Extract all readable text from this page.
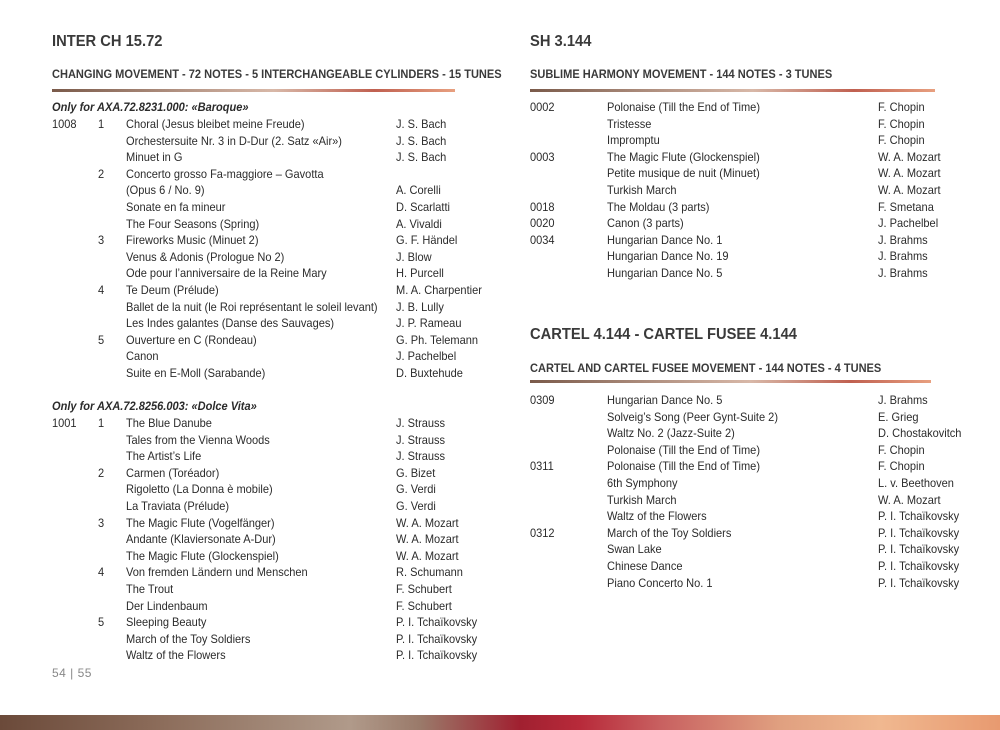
INTER CH 15.72
CHANGING MOVEMENT - 72 NOTES - 5 INTERCHANGEABLE CYLINDERS - 15 TUNES
Only for AXA.72.8231.000: «Baroque»
1008 1 Choral (Jesus bleibet meine Freude)	J. S. Bach
Orchestersuite Nr. 3 in D-Dur (2. Satz «Air»)	J. S. Bach
Minuet in G	J. S. Bach
2 Concerto grosso Fa-maggiore – Gavotta
(Opus 6 / No. 9)	A. Corelli
Sonate en fa mineur	D. Scarlatti
The Four Seasons (Spring)	A. Vivaldi
3 Fireworks Music (Minuet 2)	G. F. Händel
Venus & Adonis (Prologue No 2)	J. Blow
Ode pour l’anniversaire de la Reine Mary	H. Purcell
4 Te Deum (Prélude)	M. A. Charpentier
Ballet de la nuit (le Roi représentant le soleil levant) J. B. Lully
Les Indes galantes (Danse des Sauvages)	J. P. Rameau
5 Ouverture en C (Rondeau)	G. Ph. Telemann
Canon	J. Pachelbel
Suite en E-Moll (Sarabande)	D. Buxtehude
Only for AXA.72.8256.003: «Dolce Vita»
1001 1 The Blue Danube	J. Strauss
Tales from the Vienna Woods	J. Strauss
The Artist’s Life	J. Strauss
2 Carmen (Toréador)	G. Bizet
Rigoletto (La Donna è mobile)	G. Verdi
La Traviata (Prélude)	G. Verdi
3 The Magic Flute (Vogelfänger)	W. A. Mozart
Andante (Klaviersonate A-Dur)	W. A. Mozart
The Magic Flute (Glockenspiel)	W. A. Mozart
4 Von fremden Ländern und Menschen	R. Schumann
The Trout	F. Schubert
Der Lindenbaum	F. Schubert
5 Sleeping Beauty	P. I. Tchaïkovsky
March of the Toy Soldiers	P. I. Tchaïkovsky
Waltz of the Flowers	P. I. Tchaïkovsky
54 | 55
SH 3.144
SUBLIME HARMONY MOVEMENT - 144 NOTES - 3 TUNES
0002	Polonaise (Till the End of Time)	F. Chopin
Tristesse	F. Chopin
Impromptu	F. Chopin
0003	The Magic Flute (Glockenspiel)	W. A. Mozart
Petite musique de nuit (Minuet)	W. A. Mozart
Turkish March	W. A. Mozart
0018	The Moldau (3 parts)	F. Smetana
0020	Canon (3 parts)	J. Pachelbel
0034	Hungarian Dance No. 1	J. Brahms
Hungarian Dance No. 19	J. Brahms
Hungarian Dance No. 5	J. Brahms
CARTEL 4.144 - CARTEL FUSEE 4.144
CARTEL AND CARTEL FUSEE MOVEMENT - 144 NOTES - 4 TUNES
0309	Hungarian Dance No. 5	J. Brahms
Solveig’s Song (Peer Gynt-Suite 2)	E. Grieg
Waltz No. 2 (Jazz-Suite 2)	D. Chostakovitch
Polonaise (Till the End of Time)	F. Chopin
0311	Polonaise (Till the End of Time)	F. Chopin
6th Symphony	L. v. Beethoven
Turkish March	W. A. Mozart
Waltz of the Flowers	P. I. Tchaïkovsky
0312	March of the Toy Soldiers	P. I. Tchaïkovsky
Swan Lake	P. I. Tchaïkovsky
Chinese Dance	P. I. Tchaïkovsky
Piano Concerto No. 1	P. I. Tchaïkovsky
